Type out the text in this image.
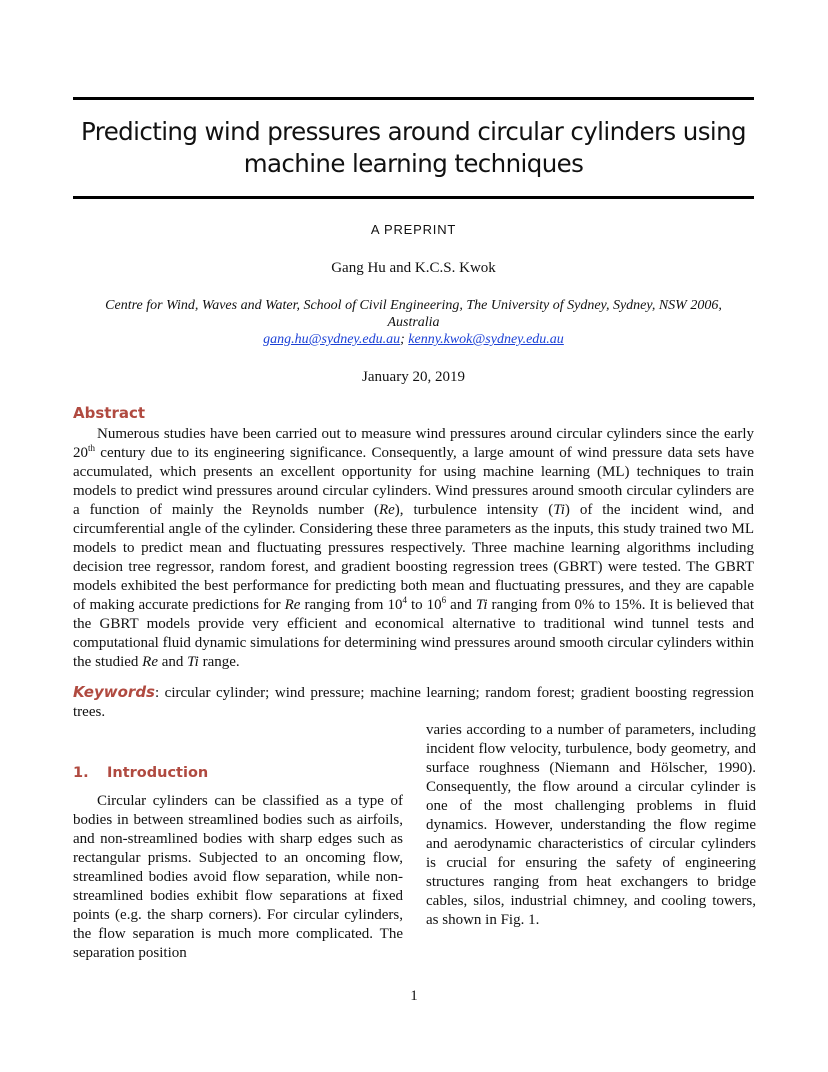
Predicting wind pressures around circular cylinders using
machine learning techniques
A PREPRINT
Gang Hu and K.C.S. Kwok
Centre for Wind, Waves and Water, School of Civil Engineering, The University of Sydney, Sydney, NSW 2006,
Australia
gang.hu@sydney.edu.au; kenny.kwok@sydney.edu.au
January 20, 2019
Abstract

Numerous studies have been carried out to measure wind pressures around circular cylinders since the early 20th century due to its engineering significance. Consequently, a large amount of wind pressure data sets have accumulated, which presents an excellent opportunity for using machine learning (ML) techniques to train models to predict wind pressures around circular cylinders. Wind pressures around smooth circular cylinders are a function of mainly the Reynolds number (Re), turbulence intensity (Ti) of the incident wind, and circumferential angle of the cylinder. Considering these three parameters as the inputs, this study trained two ML models to predict mean and fluctuating pressures respectively. Three machine learning algorithms including decision tree regressor, random forest, and gradient boosting regression trees (GBRT) were tested. The GBRT models exhibited the best performance for predicting both mean and fluctuating pressures, and they are capable of making accurate predictions for Re ranging from $10^4$ to $10^6$ and Ti ranging from 0% to 15%. It is believed that the GBRT models provide very efficient and economical alternative to traditional wind tunnel tests and computational fluid dynamic simulations for determining wind pressures around smooth circular cylinders within the studied Re and Ti range.

Keywords: circular cylinder; wind pressure; machine learning; random forest; gradient boosting regression trees.

1. Introduction

Circular cylinders can be classified as a type of bodies in between streamlined bodies such as airfoils, and non-streamlined bodies with sharp edges such as rectangular prisms. Subjected to an oncoming flow, streamlined bodies avoid flow separation, while non-streamlined bodies exhibit flow separations at fixed points (e.g. the sharp corners). For circular cylinders, the flow separation is much more complicated. The separation position

varies according to a number of parameters, including incident flow velocity, turbulence, body geometry, and surface roughness (Niemann and Hölscher, 1990). Consequently, the flow around a circular cylinder is one of the most challenging problems in fluid dynamics. However, understanding the flow regime and aerodynamic characteristics of circular cylinders is crucial for ensuring the safety of engineering structures ranging from heat exchangers to bridge cables, silos, industrial chimney, and cooling towers, as shown in Fig. 1.

1
